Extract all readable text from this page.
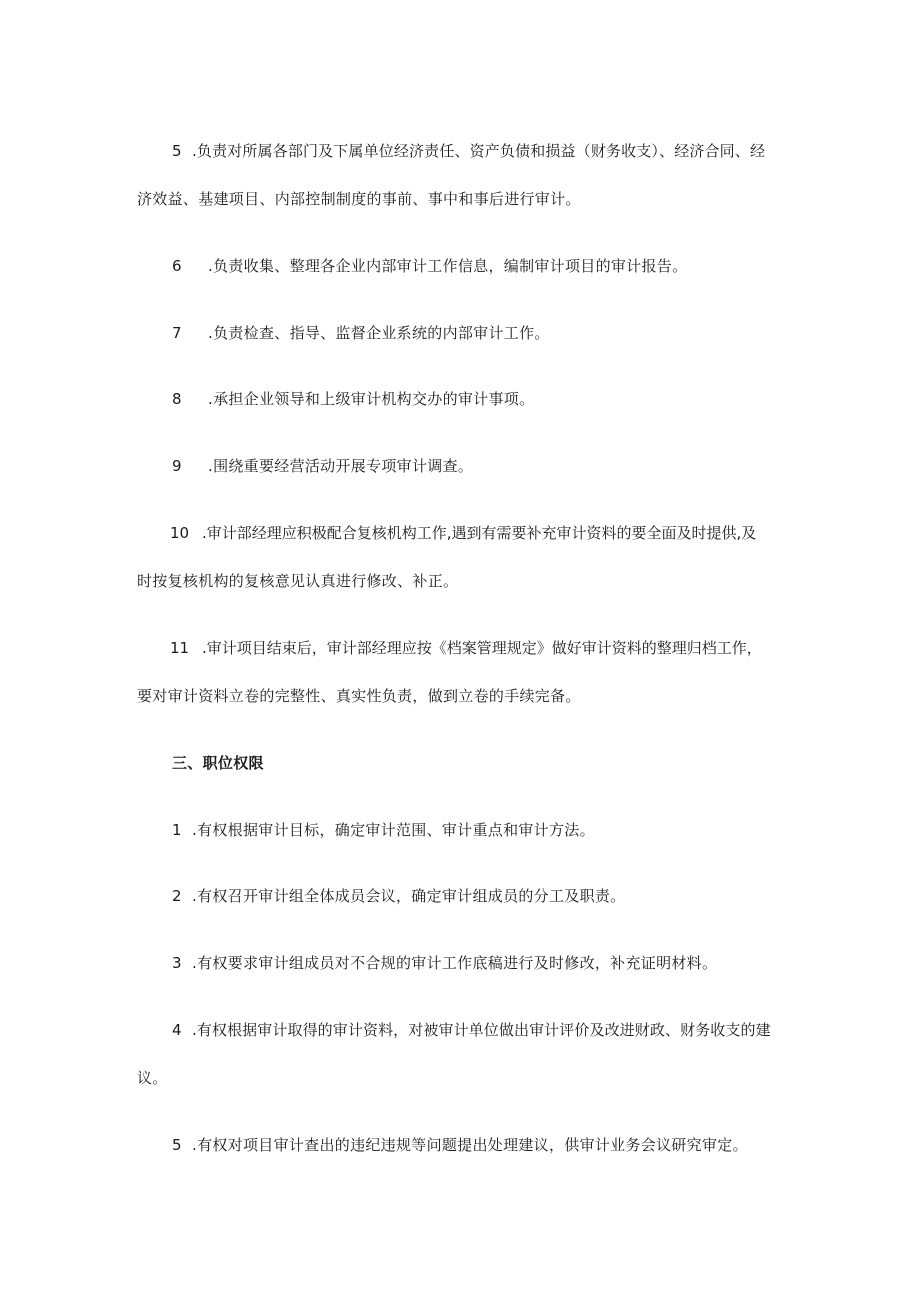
5 .负责对所属各部门及下属单位经济责任、资产负债和损益（财务收支）、经济合同、经
济效益、基建项目、内部控制制度的事前、事中和事后进行审计。
6 .负责收集、整理各企业内部审计工作信息，编制审计项目的审计报告。
7 .负责检查、指导、监督企业系统的内部审计工作。
8 .承担企业领导和上级审计机构交办的审计事项。
9 .围绕重要经营活动开展专项审计调查。
10 .审计部经理应积极配合复核机构工作,遇到有需要补充审计资料的要全面及时提供,及
时按复核机构的复核意见认真进行修改、补正。
11 .审计项目结束后，审计部经理应按《档案管理规定》做好审计资料的整理归档工作，
要对审计资料立卷的完整性、真实性负责，做到立卷的手续完备。
三、职位权限
1 .有权根据审计目标，确定审计范围、审计重点和审计方法。
2 .有权召开审计组全体成员会议，确定审计组成员的分工及职责。
3 .有权要求审计组成员对不合规的审计工作底稿进行及时修改，补充证明材料。
4 .有权根据审计取得的审计资料，对被审计单位做出审计评价及改进财政、财务收支的建
议。
5 .有权对项目审计查出的违纪违规等问题提出处理建议，供审计业务会议研究审定。
